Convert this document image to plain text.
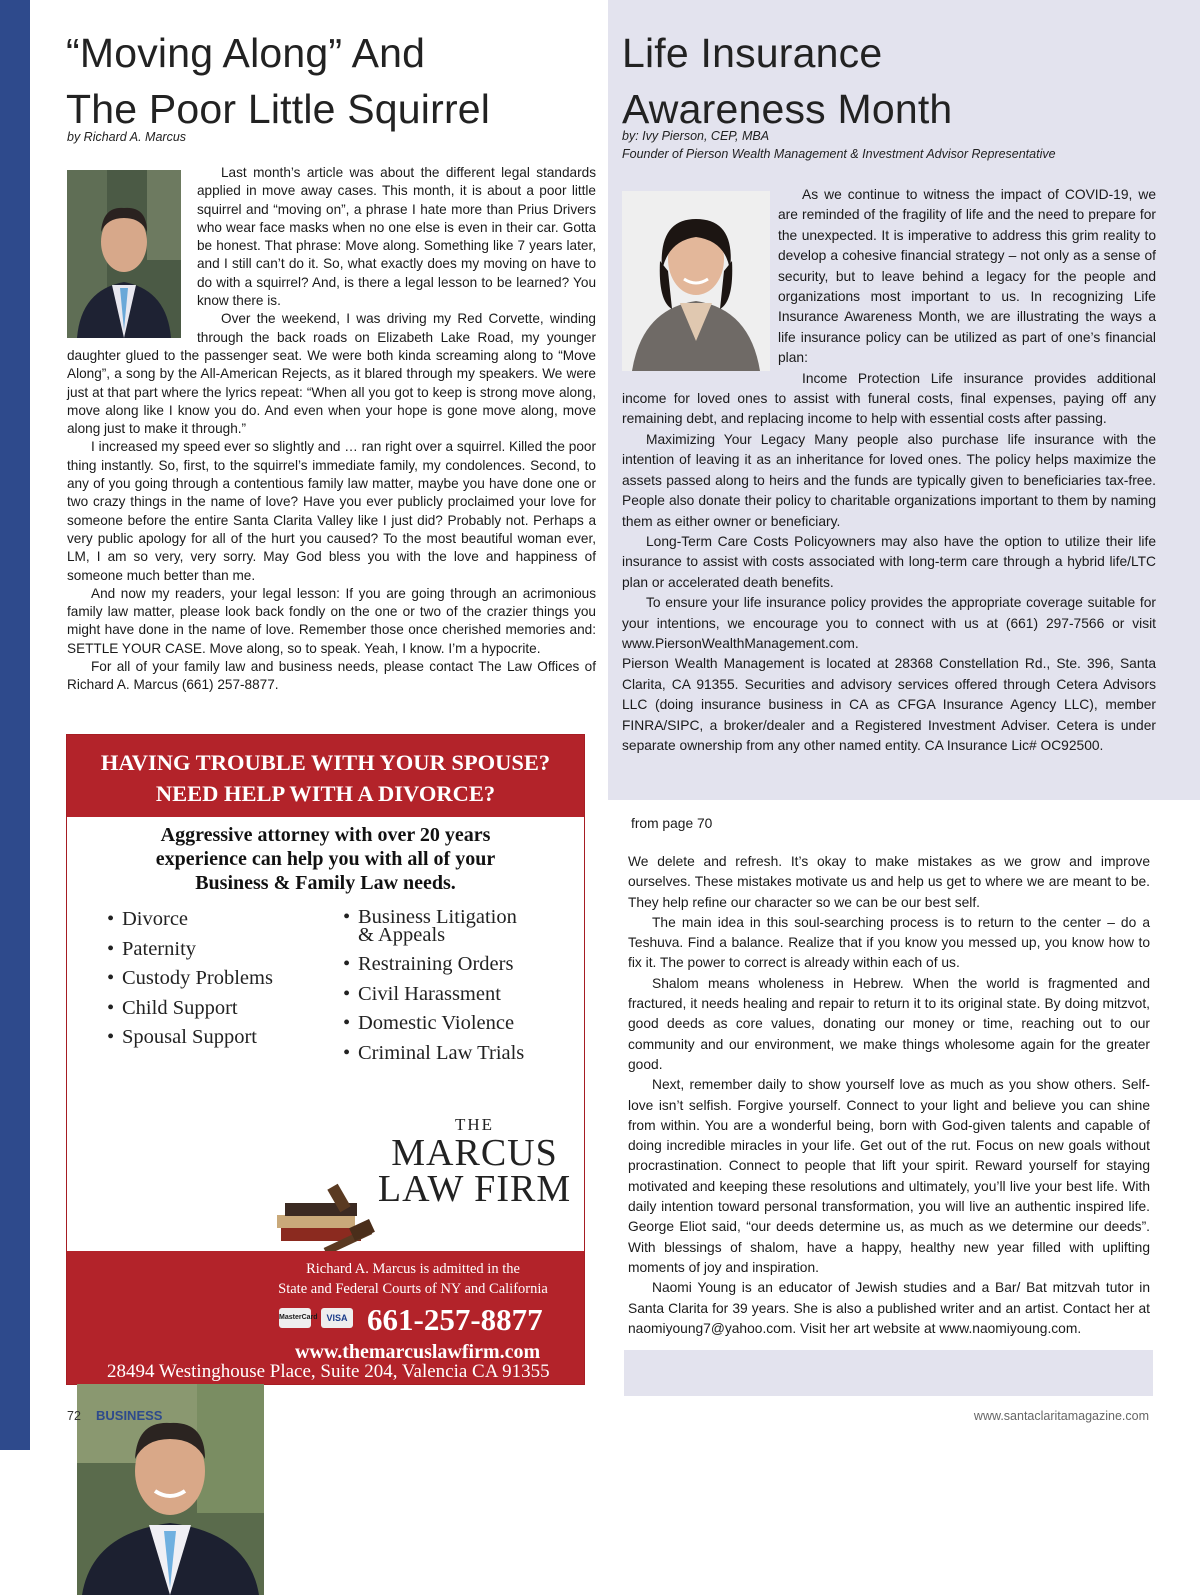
“Moving Along” And
The Poor Little Squirrel
by Richard A. Marcus

Last month’s article was about the different legal standards applied in move away cases. This month, it is about a poor little squirrel and “moving on”, a phrase I hate more than Prius Drivers who wear face masks when no one else is even in their car. Gotta be honest. That phrase: Move along. Something like 7 years later, and I still can’t do it. So, what exactly does my moving on have to do with a squirrel? And, is there a legal lesson to be learned? You know there is.

Over the weekend, I was driving my Red Corvette, winding through the back roads on Elizabeth Lake Road, my younger daughter glued to the passenger seat. We were both kinda screaming along to “Move Along”, a song by the All-American Rejects, as it blared through my speakers. We were just at that part where the lyrics repeat: “When all you got to keep is strong move along, move along like I know you do. And even when your hope is gone move along, move along just to make it through.”

I increased my speed ever so slightly and … ran right over a squirrel. Killed the poor thing instantly. So, first, to the squirrel’s immediate family, my condolences. Second, to any of you going through a contentious family law matter, maybe you have done one or two crazy things in the name of love? Have you ever publicly proclaimed your love for someone before the entire Santa Clarita Valley like I just did? Probably not. Perhaps a very public apology for all of the hurt you caused? To the most beautiful woman ever, LM, I am so very, very sorry. May God bless you with the love and happiness of someone much better than me.

And now my readers, your legal lesson: If you are going through an acrimonious family law matter, please look back fondly on the one or two of the crazier things you might have done in the name of love. Remember those once cherished memories and: SETTLE YOUR CASE. Move along, so to speak. Yeah, I know. I’m a hypocrite.

For all of your family law and business needs, please contact The Law Offices of Richard A. Marcus (661) 257-8877.

HAVING TROUBLE WITH YOUR SPOUSE?
NEED HELP WITH A DIVORCE?
Aggressive attorney with over 20 years
experience can help you with all of your
Business & Family Law needs.
• Divorce
• Paternity
• Custody Problems
• Child Support
• Spousal Support
• Business Litigation
& Appeals
• Restraining Orders
• Civil Harassment
• Domestic Violence
• Criminal Law Trials
THE
MARCUS
LAW FIRM
Richard A. Marcus is admitted in the
State and Federal Courts of NY and California
MasterCard VISA 661-257-8877
www.themarcuslawfirm.com
28494 Westinghouse Place, Suite 204, Valencia CA 91355
Life Insurance
Awareness Month
by: Ivy Pierson, CEP, MBA
Founder of Pierson Wealth Management & Investment Advisor Representative

As we continue to witness the impact of COVID-19, we are reminded of the fragility of life and the need to prepare for the unexpected. It is imperative to address this grim reality to develop a cohesive financial strategy – not only as a sense of security, but to leave behind a legacy for the people and organizations most important to us. In recognizing Life Insurance Awareness Month, we are illustrating the ways a life insurance policy can be utilized as part of one’s financial plan:

Income Protection Life insurance provides additional income for loved ones to assist with funeral costs, final expenses, paying off any remaining debt, and replacing income to help with essential costs after passing.

Maximizing Your Legacy Many people also purchase life insurance with the intention of leaving it as an inheritance for loved ones. The policy helps maximize the assets passed along to heirs and the funds are typically given to beneficiaries tax-free. People also donate their policy to charitable organizations important to them by naming them as either owner or beneficiary.

Long-Term Care Costs Policyowners may also have the option to utilize their life insurance to assist with costs associated with long-term care through a hybrid life/LTC plan or accelerated death benefits.

To ensure your life insurance policy provides the appropriate coverage suitable for your intentions, we encourage you to connect with us at (661) 297-7566 or visit www.PiersonWealthManagement.com.

Pierson Wealth Management is located at 28368 Constellation Rd., Ste. 396, Santa Clarita, CA 91355. Securities and advisory services offered through Cetera Advisors LLC (doing insurance business in CA as CFGA Insurance Agency LLC), member FINRA/SIPC, a broker/dealer and a Registered Investment Adviser. Cetera is under separate ownership from any other named entity. CA Insurance Lic# OC92500.

from page 70

We delete and refresh. It’s okay to make mistakes as we grow and improve ourselves. These mistakes motivate us and help us get to where we are meant to be. They help refine our character so we can be our best self.

The main idea in this soul-searching process is to return to the center – do a Teshuva. Find a balance. Realize that if you know you messed up, you know how to fix it. The power to correct is already within each of us.

Shalom means wholeness in Hebrew. When the world is fragmented and fractured, it needs healing and repair to return it to its original state. By doing mitzvot, good deeds as core values, donating our money or time, reaching out to our community and our environment, we make things wholesome again for the greater good.

Next, remember daily to show yourself love as much as you show others. Self-love isn’t selfish. Forgive yourself. Connect to your light and believe you can shine from within. You are a wonderful being, born with God-given talents and capable of doing incredible miracles in your life. Get out of the rut. Focus on new goals without procrastination. Connect to people that lift your spirit. Reward yourself for staying motivated and keeping these resolutions and ultimately, you’ll live your best life. With daily intention toward personal transformation, you will live an authentic inspired life. George Eliot said, “our deeds determine us, as much as we determine our deeds”. With blessings of shalom, have a happy, healthy new year filled with uplifting moments of joy and inspiration.

Naomi Young is an educator of Jewish studies and a Bar/ Bat mitzvah tutor in Santa Clarita for 39 years. She is also a published writer and an artist. Contact her at naomiyoung7@yahoo.com. Visit her art website at www.naomiyoung.com.

72 BUSINESS	www.santaclaritamagazine.com
